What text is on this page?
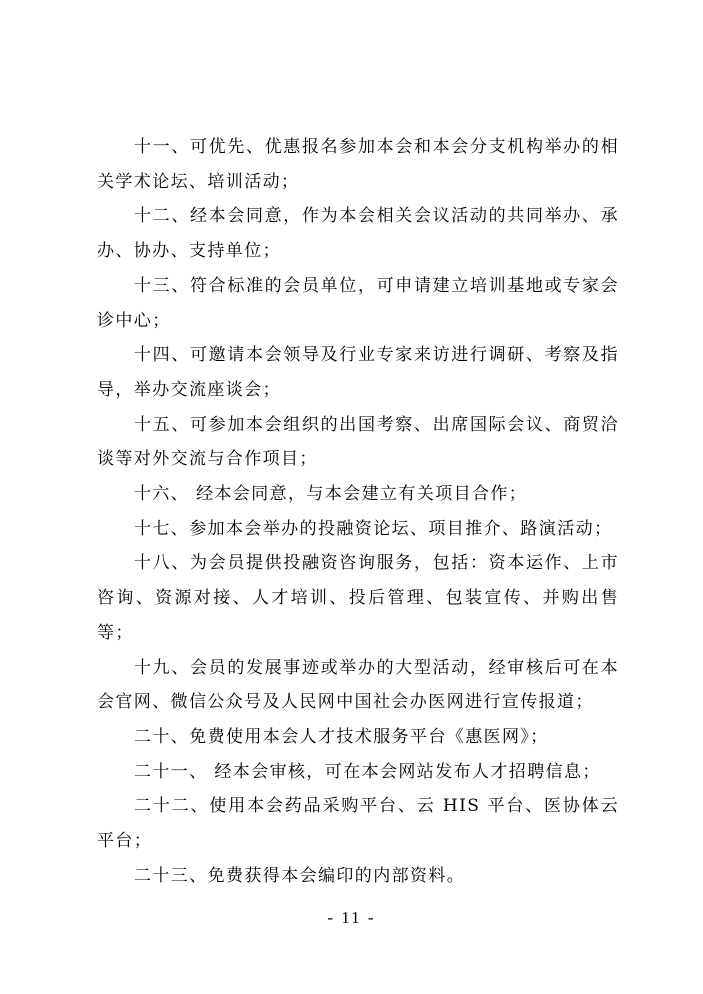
十一、可优先、优惠报名参加本会和本会分支机构举办的相关学术论坛、培训活动；

十二、经本会同意，作为本会相关会议活动的共同举办、承办、协办、支持单位；

十三、符合标准的会员单位，可申请建立培训基地或专家会诊中心；

十四、可邀请本会领导及行业专家来访进行调研、考察及指导，举办交流座谈会；

十五、可参加本会组织的出国考察、出席国际会议、商贸洽谈等对外交流与合作项目；

十六、 经本会同意，与本会建立有关项目合作；

十七、参加本会举办的投融资论坛、项目推介、路演活动；

十八、为会员提供投融资咨询服务，包括：资本运作、上市咨询、资源对接、人才培训、投后管理、包装宣传、并购出售等；

十九、会员的发展事迹或举办的大型活动，经审核后可在本会官网、微信公众号及人民网中国社会办医网进行宣传报道；

二十、免费使用本会人才技术服务平台《惠医网》；

二十一、 经本会审核，可在本会网站发布人才招聘信息；

二十二、使用本会药品采购平台、云 HIS 平台、医协体云平台；

二十三、免费获得本会编印的内部资料。

- 11 -
